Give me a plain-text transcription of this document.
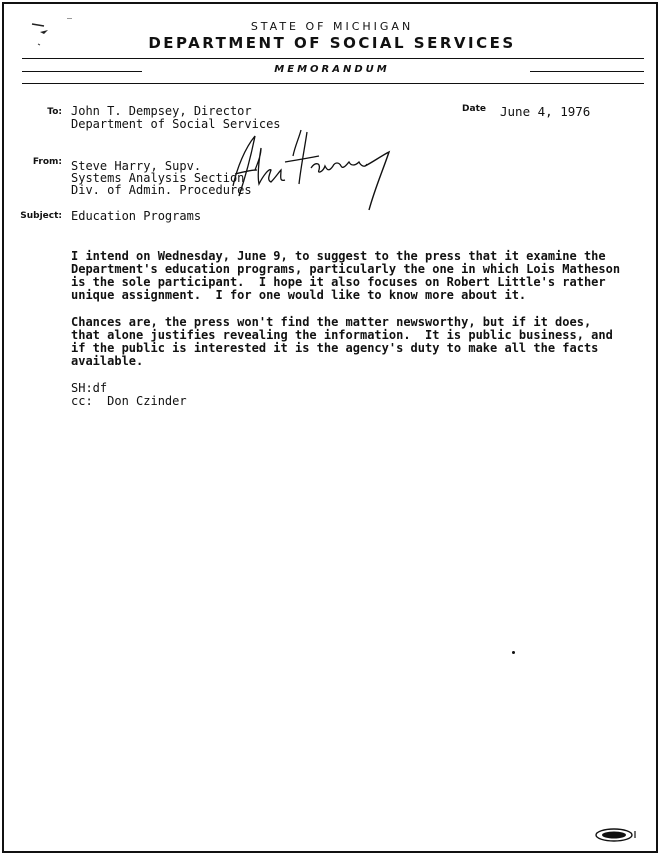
STATE OF MICHIGAN
DEPARTMENT OF SOCIAL SERVICES
MEMORANDUM
To: John T. Dempsey, Director
Department of Social Services
Date June 4, 1976
From: Steve Harry, Supv.
Systems Analysis Section
Div. of Admin. Procedures
Subject: Education Programs
I intend on Wednesday, June 9, to suggest to the press that it examine the
Department's education programs, particularly the one in which Lois Matheson
is the sole participant.  I hope it also focuses on Robert Little's rather
unique assignment.  I for one would like to know more about it.
Chances are, the press won't find the matter newsworthy, but if it does,
that alone justifies revealing the information.  It is public business, and
if the public is interested it is the agency's duty to make all the facts
available.
SH:df
cc:  Don Czinder
